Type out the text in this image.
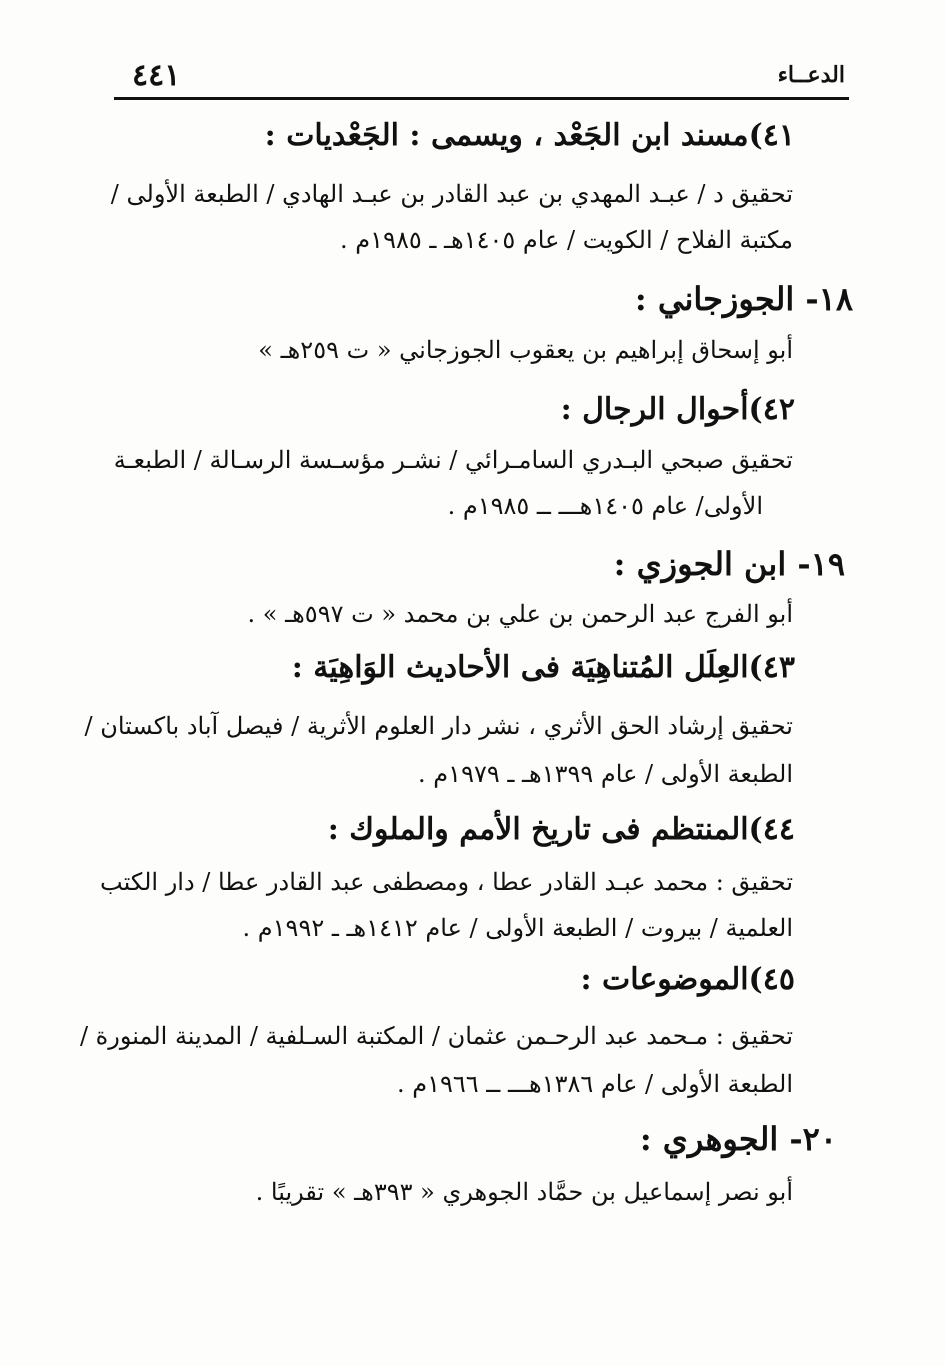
الدعــاء
٤٤١
٤١)مسند ابن الجَعْد ، ويسمى : الجَعْديات :
تحقيق د / عبـد المهدي بن عبد القادر بن عبـد الهادي / الطبعة الأولى /
مكتبة الفلاح / الكويت / عام ١٤٠٥هـ ـ ١٩٨٥م .
١٨- الجوزجاني :
أبو إسحاق إبراهيم بن يعقوب الجوزجاني « ت ٢٥٩هـ »
٤٢)أحوال الرجال :
تحقيق صبحي البـدري السامـرائي / نشـر مؤسـسة الرسـالة / الطبعـة
الأولى/ عام ١٤٠٥هـــ ــ ١٩٨٥م .
١٩- ابن الجوزي :
أبو الفرج عبد الرحمن بن علي بن محمد « ت ٥٩٧هـ » .
٤٣)العِلَل المُتناهِيَة فى الأحاديث الوَاهِيَة :
تحقيق إرشاد الحق الأثري ، نشر دار العلوم الأثرية / فيصل آباد باكستان /
الطبعة الأولى / عام ١٣٩٩هـ ـ ١٩٧٩م .
٤٤)المنتظم فى تاريخ الأمم والملوك :
تحقيق : محمد عبـد القادر عطا ، ومصطفى عبد القادر عطا / دار الكتب
العلمية / بيروت / الطبعة الأولى / عام ١٤١٢هـ ـ ١٩٩٢م .
٤٥)الموضوعات :
تحقيق : مـحمد عبد الرحـمن عثمان / المكتبة السـلفية / المدينة المنورة /
الطبعة الأولى / عام ١٣٨٦هـــ ــ ١٩٦٦م .
٢٠- الجوهري :
أبو نصر إسماعيل بن حمَّاد الجوهري « ٣٩٣هـ » تقريبًا .
